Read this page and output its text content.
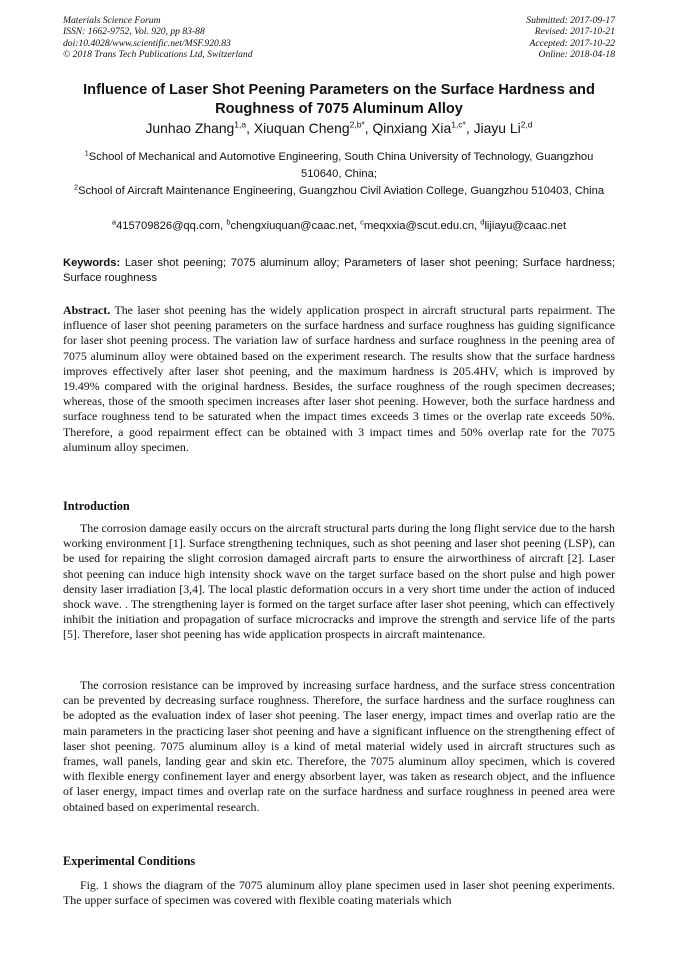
Materials Science Forum
ISSN: 1662-9752, Vol. 920, pp 83-88
doi:10.4028/www.scientific.net/MSF.920.83
© 2018 Trans Tech Publications Ltd, Switzerland
Submitted: 2017-09-17
Revised: 2017-10-21
Accepted: 2017-10-22
Online: 2018-04-18
Influence of Laser Shot Peening Parameters on the Surface Hardness and Roughness of 7075 Aluminum Alloy
Junhao Zhang$^{1,a}$, Xiuquan Cheng$^{2,b*}$, Qinxiang Xia$^{1,c*}$, Jiayu Li$^{2,d}$
$^1$School of Mechanical and Automotive Engineering, South China University of Technology, Guangzhou 510640, China;
$^2$School of Aircraft Maintenance Engineering, Guangzhou Civil Aviation College, Guangzhou 510403, China
$^a$415709826@qq.com, $^b$chengxiuquan@caac.net, $^c$meqxxia@scut.edu.cn, $^d$lijiayu@caac.net
Keywords: Laser shot peening; 7075 aluminum alloy; Parameters of laser shot peening; Surface hardness; Surface roughness
Abstract. The laser shot peening has the widely application prospect in aircraft structural parts repairment. The influence of laser shot peening parameters on the surface hardness and surface roughness has guiding significance for laser shot peening process. The variation law of surface hardness and surface roughness in the peening area of 7075 aluminum alloy were obtained based on the experiment research. The results show that the surface hardness improves effectively after laser shot peening, and the maximum hardness is 205.4HV, which is improved by 19.49% compared with the original hardness. Besides, the surface roughness of the rough specimen decreases; whereas, those of the smooth specimen increases after laser shot peening. However, both the surface hardness and surface roughness tend to be saturated when the impact times exceeds 3 times or the overlap rate exceeds 50%. Therefore, a good repairment effect can be obtained with 3 impact times and 50% overlap rate for the 7075 aluminum alloy specimen.
Introduction
The corrosion damage easily occurs on the aircraft structural parts during the long flight service due to the harsh working environment [1]. Surface strengthening techniques, such as shot peening and laser shot peening (LSP), can be used for repairing the slight corrosion damaged aircraft parts to ensure the airworthiness of aircraft [2]. Laser shot peening can induce high intensity shock wave on the target surface based on the short pulse and high power density laser irradiation [3,4]. The local plastic deformation occurs in a very short time under the action of induced shock wave. . The strengthening layer is formed on the target surface after laser shot peening, which can effectively inhibit the initiation and propagation of surface microcracks and improve the strength and service life of the parts [5]. Therefore, laser shot peening has wide application prospects in aircraft maintenance.
The corrosion resistance can be improved by increasing surface hardness, and the surface stress concentration can be prevented by decreasing surface roughness. Therefore, the surface hardness and the surface roughness can be adopted as the evaluation index of laser shot peening. The laser energy, impact times and overlap ratio are the main parameters in the practicing laser shot peening and have a significant influence on the strengthening effect of laser shot peening. 7075 aluminum alloy is a kind of metal material widely used in aircraft structures such as frames, wall panels, landing gear and skin etc. Therefore, the 7075 aluminum alloy specimen, which is covered with flexible energy confinement layer and energy absorbent layer, was taken as research object, and the influence of laser energy, impact times and overlap rate on the surface hardness and surface roughness in peened area were obtained based on experimental research.
Experimental Conditions
Fig. 1 shows the diagram of the 7075 aluminum alloy plane specimen used in laser shot peening experiments. The upper surface of specimen was covered with flexible coating materials which
